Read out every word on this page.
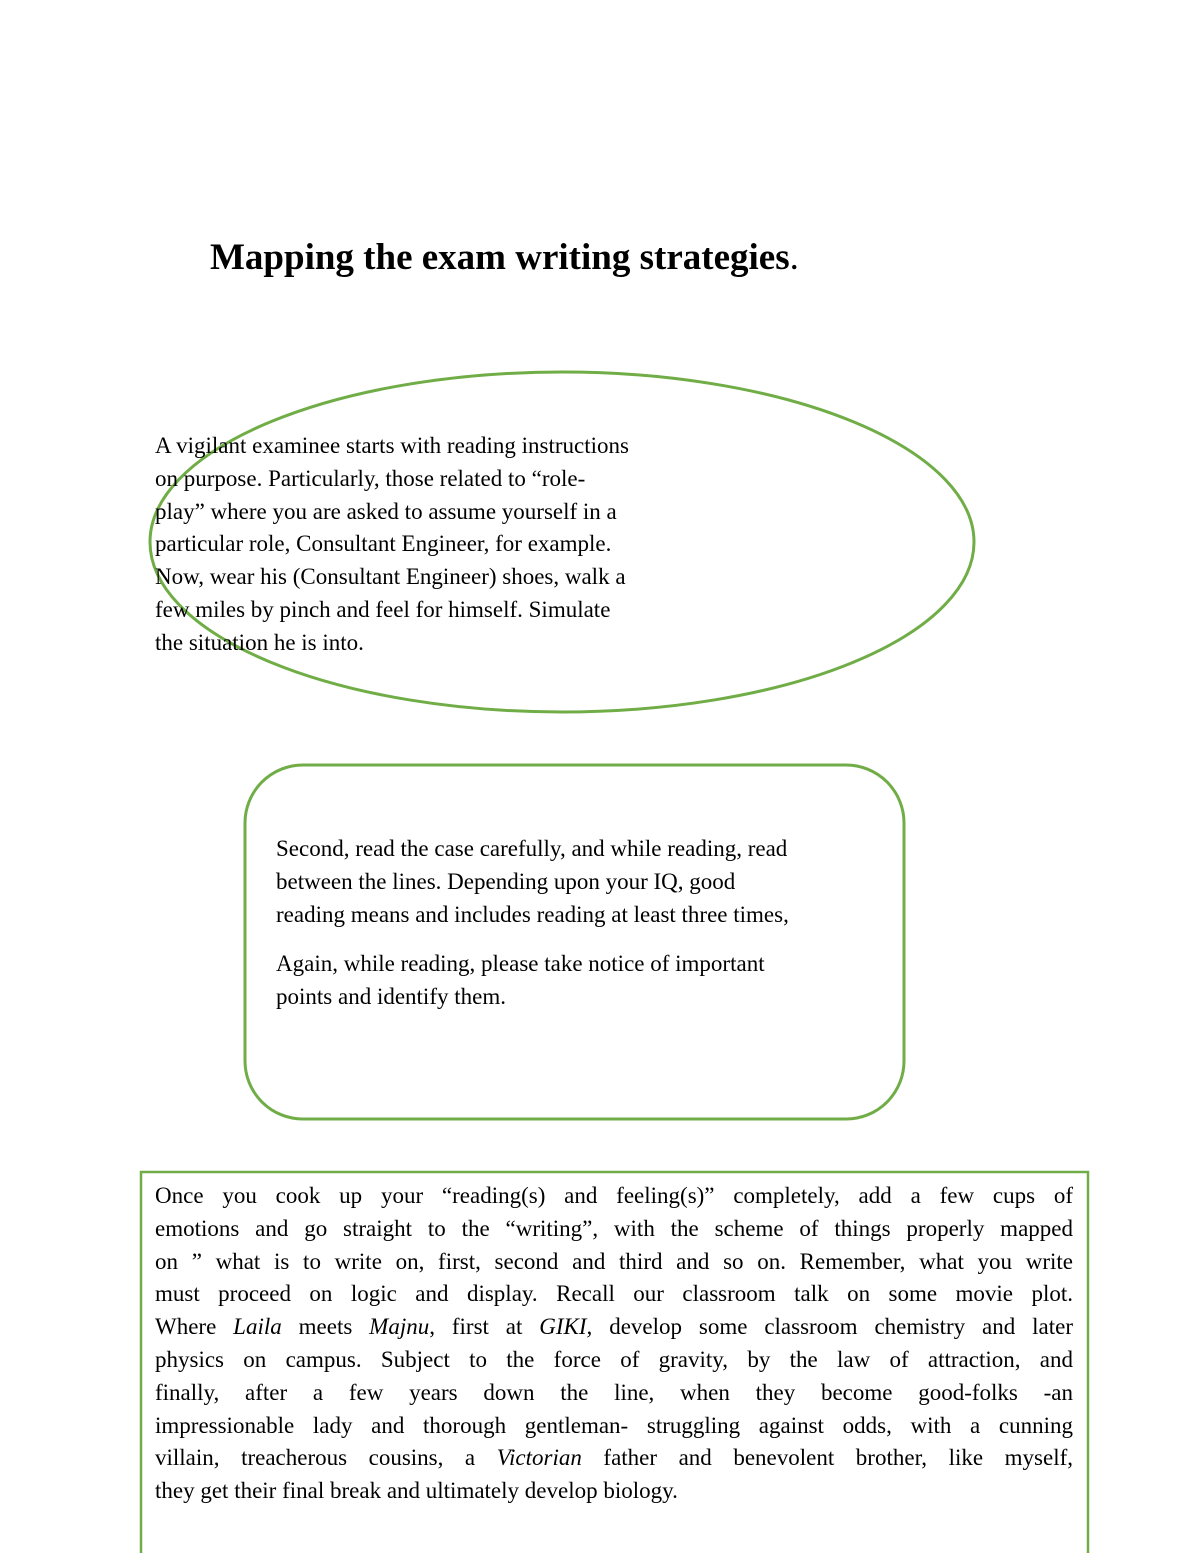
Mapping the exam writing strategies.
A vigilant examinee starts with reading instructions
on purpose. Particularly, those related to “role-
play” where you are asked to assume yourself in a
particular role, Consultant Engineer, for example.
Now, wear his (Consultant Engineer) shoes, walk a
few miles by pinch and feel for himself. Simulate
the situation he is into.
Second, read the case carefully, and while reading, read
between the lines. Depending upon your IQ, good
reading means and includes reading at least three times,
Again, while reading, please take notice of important
points and identify them.
Once you cook up your “reading(s) and feeling(s)” completely, add a few cups of
emotions and go straight to the “writing”, with the scheme of things properly mapped
on ” what is to write on, first, second and third and so on. Remember, what you write
must proceed on logic and display. Recall our classroom talk on some movie plot.
Where Laila meets Majnu, first at GIKI, develop some classroom chemistry and later
physics on campus. Subject to the force of gravity, by the law of attraction, and
finally, after a few years down the line, when they become good-folks -an
impressionable lady and thorough gentleman- struggling against odds, with a cunning
villain, treacherous cousins, a Victorian father and benevolent brother, like myself,
they get their final break and ultimately develop biology.
